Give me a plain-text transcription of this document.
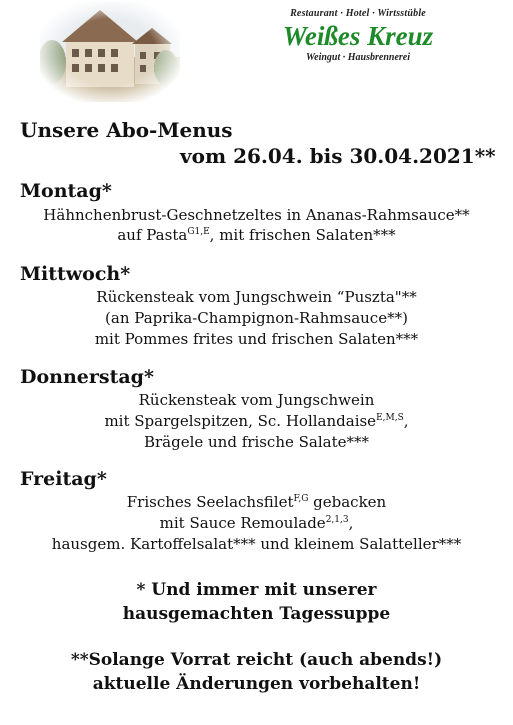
Restaurant · Hotel · Wirtsstüble
Weißes Kreuz
Weingut · Hausbrennerei
Unsere Abo-Menus
vom 26.04. bis 30.04.2021**
Montag*
Hähnchenbrust-Geschnetzeltes in Ananas-Rahmsauce**
auf Pasta$^{G1,E}$, mit frischen Salaten***
Mittwoch*
Rückensteak vom Jungschwein “Puszta"**
(an Paprika-Champignon-Rahmsauce**)
mit Pommes frites und frischen Salaten***
Donnerstag*
Rückensteak vom Jungschwein
mit Spargelspitzen, Sc. Hollandaise$^{E,M,S}$,
Brägele und frische Salate***
Freitag*
Frisches Seelachsfilet$^{F,G}$ gebacken
mit Sauce Remoulade$^{2,1,3}$,
hausgem. Kartoffelsalat*** und kleinem Salatteller***
* Und immer mit unserer
hausgemachten Tagessuppe
**Solange Vorrat reicht (auch abends!)
aktuelle Änderungen vorbehalten!
